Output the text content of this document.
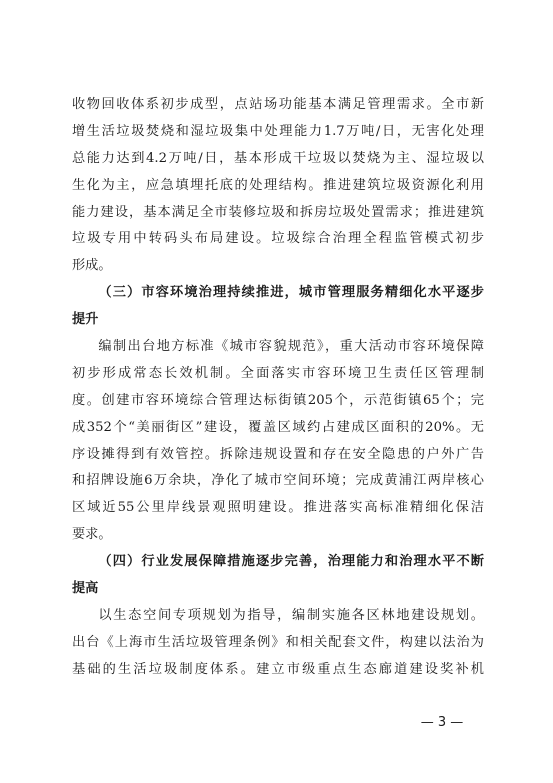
收物回收体系初步成型，点站场功能基本满足管理需求。全市新
增生活垃圾焚烧和湿垃圾集中处理能力1.7万吨/日，无害化处理
总能力达到4.2万吨/日，基本形成干垃圾以焚烧为主、湿垃圾以
生化为主，应急填埋托底的处理结构。推进建筑垃圾资源化利用
能力建设，基本满足全市装修垃圾和拆房垃圾处置需求；推进建筑
垃圾专用中转码头布局建设。垃圾综合治理全程监管模式初步
形成。
（三）市容环境治理持续推进，城市管理服务精细化水平逐步
提升
编制出台地方标准《城市容貌规范》，重大活动市容环境保障
初步形成常态长效机制。全面落实市容环境卫生责任区管理制
度。创建市容环境综合管理达标街镇205个，示范街镇65个；完
成352个“美丽街区”建设，覆盖区域约占建成区面积的20%。无
序设摊得到有效管控。拆除违规设置和存在安全隐患的户外广告
和招牌设施6万余块，净化了城市空间环境；完成黄浦江两岸核心
区域近55公里岸线景观照明建设。推进落实高标准精细化保洁
要求。
（四）行业发展保障措施逐步完善，治理能力和治理水平不断
提高
以生态空间专项规划为指导，编制实施各区林地建设规划。
出台《上海市生活垃圾管理条例》和相关配套文件，构建以法治为
基础的生活垃圾制度体系。建立市级重点生态廊道建设奖补机
— 3 —
